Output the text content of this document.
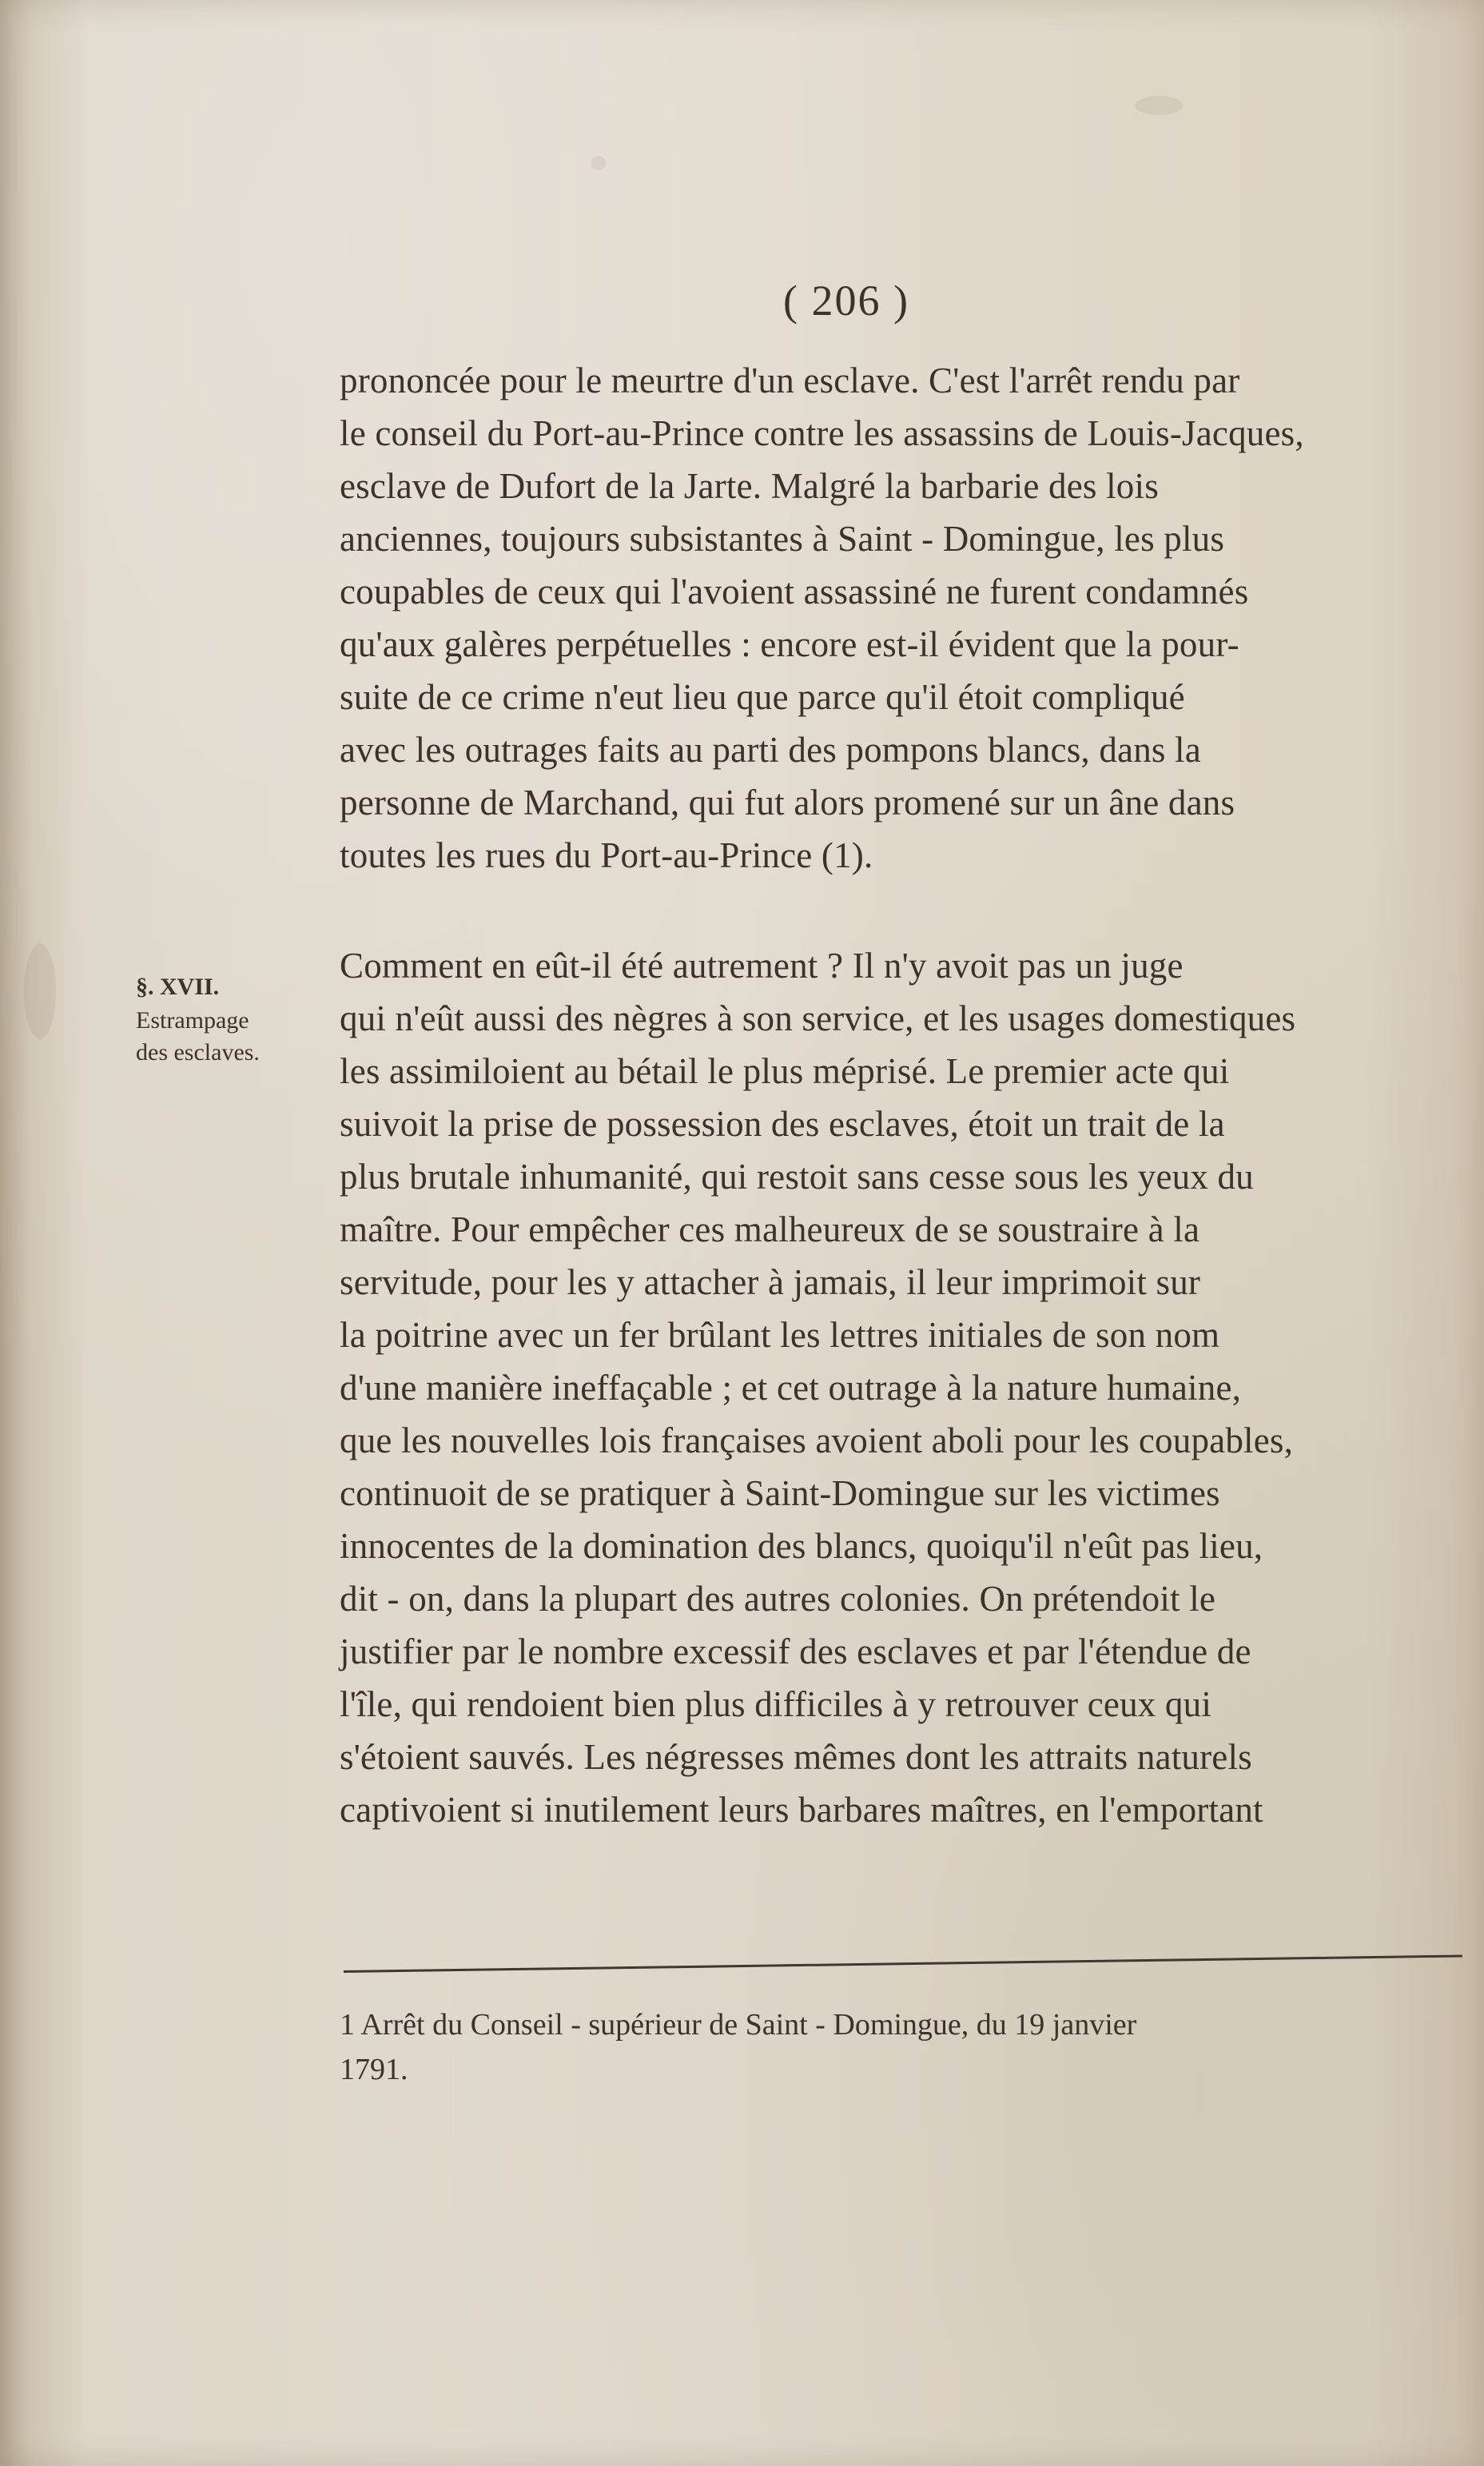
( 206 )
§. XVII.
Estrampage
des esclaves.
prononcée pour le meurtre d'un esclave. C'est l'arrêt rendu par
le conseil du Port-au-Prince contre les assassins de Louis-Jacques,
esclave de Dufort de la Jarte. Malgré la barbarie des lois
anciennes, toujours subsistantes à Saint - Domingue, les plus
coupables de ceux qui l'avoient assassiné ne furent condamnés
qu'aux galères perpétuelles : encore est-il évident que la pour-
suite de ce crime n'eut lieu que parce qu'il étoit compliqué
avec les outrages faits au parti des pompons blancs, dans la
personne de Marchand, qui fut alors promené sur un âne dans
toutes les rues du Port-au-Prince (1).
Comment en eût-il été autrement ? Il n'y avoit pas un juge
qui n'eût aussi des nègres à son service, et les usages domestiques
les assimiloient au bétail le plus méprisé. Le premier acte qui
suivoit la prise de possession des esclaves, étoit un trait de la
plus brutale inhumanité, qui restoit sans cesse sous les yeux du
maître. Pour empêcher ces malheureux de se soustraire à la
servitude, pour les y attacher à jamais, il leur imprimoit sur
la poitrine avec un fer brûlant les lettres initiales de son nom
d'une manière ineffaçable ; et cet outrage à la nature humaine,
que les nouvelles lois françaises avoient aboli pour les coupables,
continuoit de se pratiquer à Saint-Domingue sur les victimes
innocentes de la domination des blancs, quoiqu'il n'eût pas lieu,
dit - on, dans la plupart des autres colonies. On prétendoit le
justifier par le nombre excessif des esclaves et par l'étendue de
l'île, qui rendoient bien plus difficiles à y retrouver ceux qui
s'étoient sauvés. Les négresses mêmes dont les attraits naturels
captivoient si inutilement leurs barbares maîtres, en l'emportant
1 Arrêt du Conseil - supérieur de Saint - Domingue, du 19 janvier
1791.
